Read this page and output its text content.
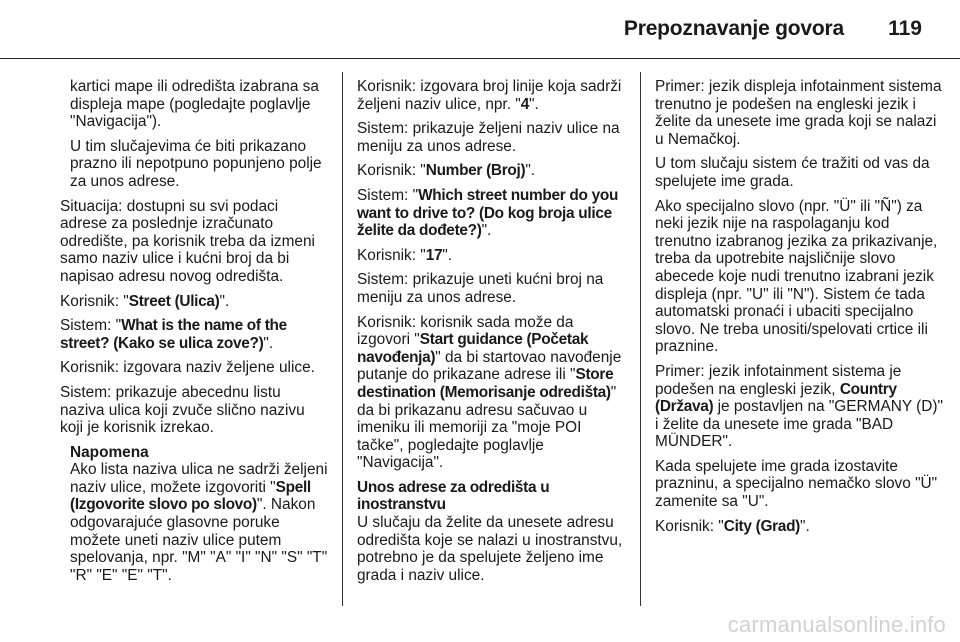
Prepoznavanje govora 119

kartici mape ili odredišta izabrana sa displeja mape (pogledajte poglavlje "Navigacija").

U tim slučajevima će biti prikazano prazno ili nepotpuno popunjeno polje za unos adrese.

Situacija: dostupni su svi podaci adrese za poslednje izračunato odredište, pa korisnik treba da izmeni samo naziv ulice i kućni broj da bi napisao adresu novog odredišta.

Korisnik: "Street (Ulica)".

Sistem: "What is the name of the street? (Kako se ulica zove?)".

Korisnik: izgovara naziv željene ulice.

Sistem: prikazuje abecednu listu naziva ulica koji zvuče slično nazivu koji je korisnik izrekao.

Napomena
Ako lista naziva ulica ne sadrži željeni naziv ulice, možete izgovoriti "Spell (Izgovorite slovo po slovo)". Nakon odgovarajuće glasovne poruke možete uneti naziv ulice putem spelovanja, npr. "M" "A" "I" "N" "S" "T" "R" "E" "E" "T".

Korisnik: izgovara broj linije koja sadrži željeni naziv ulice, npr. "4".

Sistem: prikazuje željeni naziv ulice na meniju za unos adrese.

Korisnik: "Number (Broj)".

Sistem: "Which street number do you want to drive to? (Do kog broja ulice želite da dođete?)".

Korisnik: "17".

Sistem: prikazuje uneti kućni broj na meniju za unos adrese.

Korisnik: korisnik sada može da izgovori "Start guidance (Početak navođenja)" da bi startovao navođenje putanje do prikazane adrese ili "Store destination (Memorisanje odredišta)" da bi prikazanu adresu sačuvao u imeniku ili memoriji za "moje POI tačke", pogledajte poglavlje "Navigacija".

Unos adrese za odredišta u inostranstvu
U slučaju da želite da unesete adresu odredišta koje se nalazi u inostranstvu, potrebno je da spelujete željeno ime grada i naziv ulice.

Primer: jezik displeja infotainment sistema trenutno je podešen na engleski jezik i želite da unesete ime grada koji se nalazi u Nemačkoj.

U tom slučaju sistem će tražiti od vas da spelujete ime grada.

Ako specijalno slovo (npr. "Ü" ili "Ñ") za neki jezik nije na raspolaganju kod trenutno izabranog jezika za prikazivanje, treba da upotrebite najsličnije slovo abecede koje nudi trenutno izabrani jezik displeja (npr. "U" ili "N"). Sistem će tada automatski pronaći i ubaciti specijalno slovo. Ne treba unositi/spelovati crtice ili praznine.

Primer: jezik infotainment sistema je podešen na engleski jezik, Country (Država) je postavljen na "GERMANY (D)" i želite da unesete ime grada "BAD MÜNDER".

Kada spelujete ime grada izostavite prazninu, a specijalno nemačko slovo "Ü" zamenite sa "U".

Korisnik: "City (Grad)".

carmanualsonline.info
